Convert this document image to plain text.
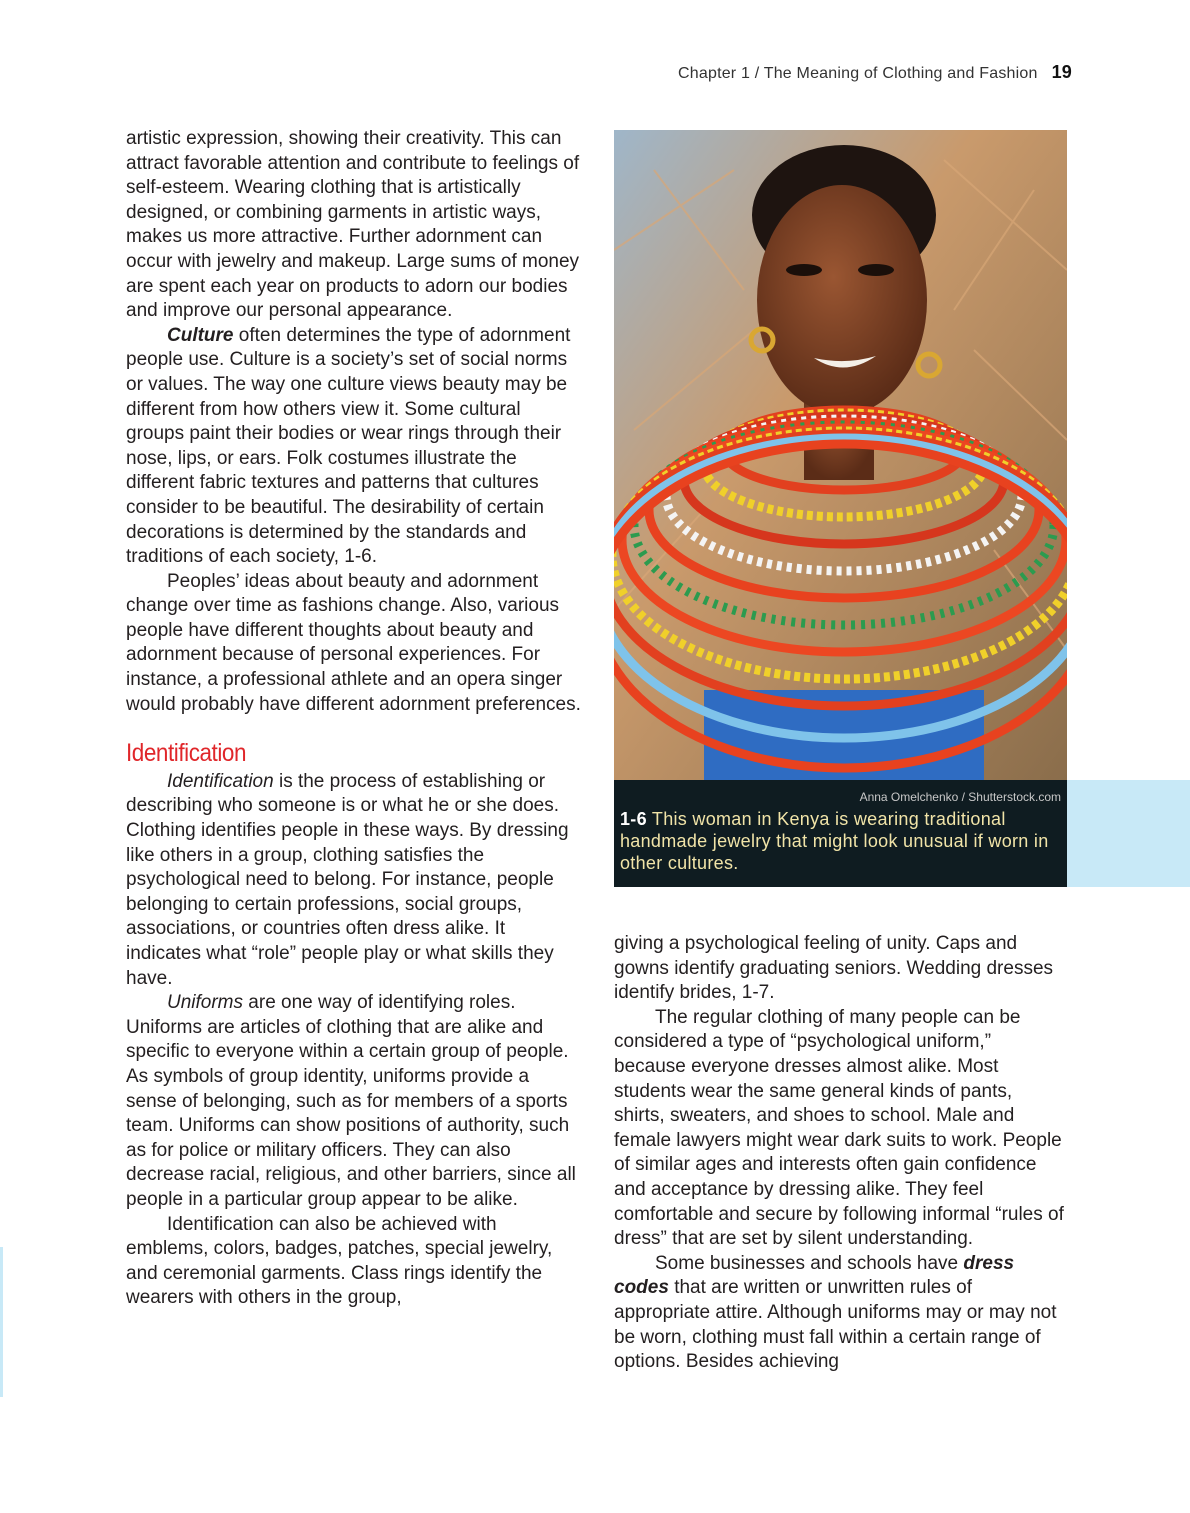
Chapter 1 / The Meaning of Clothing and Fashion 19

artistic expression, showing their creativity. This can attract favorable attention and contribute to feelings of self-esteem. Wearing clothing that is artistically designed, or combining garments in artistic ways, makes us more attractive. Further adornment can occur with jewelry and makeup. Large sums of money are spent each year on products to adorn our bodies and improve our personal appearance.

Culture often determines the type of adornment people use. Culture is a society’s set of social norms or values. The way one culture views beauty may be different from how others view it. Some cultural groups paint their bodies or wear rings through their nose, lips, or ears. Folk costumes illustrate the different fabric textures and patterns that cultures consider to be beautiful. The desirability of certain decorations is determined by the standards and traditions of each society, 1-6.

Peoples’ ideas about beauty and adornment change over time as fashions change. Also, various people have different thoughts about beauty and adornment because of personal experiences. For instance, a professional athlete and an opera singer would probably have different adornment preferences.

Identification

Identification is the process of establishing or describing who someone is or what he or she does. Clothing identifies people in these ways. By dressing like others in a group, clothing satisfies the psychological need to belong. For instance, people belonging to certain professions, social groups, associations, or countries often dress alike. It indicates what “role” people play or what skills they have.

Uniforms are one way of identifying roles. Uniforms are articles of clothing that are alike and specific to everyone within a certain group of people. As symbols of group identity, uniforms provide a sense of belonging, such as for members of a sports team. Uniforms can show positions of authority, such as for police or military officers. They can also decrease racial, religious, and other barriers, since all people in a particular group appear to be alike.

Identification can also be achieved with emblems, colors, badges, patches, special jewelry, and ceremonial garments. Class rings identify the wearers with others in the group,

Anna Omelchenko / Shutterstock.com
1-6 This woman in Kenya is wearing traditional handmade jewelry that might look unusual if worn in other cultures.

giving a psychological feeling of unity. Caps and gowns identify graduating seniors. Wedding dresses identify brides, 1-7.

The regular clothing of many people can be considered a type of “psychological uniform,” because everyone dresses almost alike. Most students wear the same general kinds of pants, shirts, sweaters, and shoes to school. Male and female lawyers might wear dark suits to work. People of similar ages and interests often gain confidence and acceptance by dressing alike. They feel comfortable and secure by following informal “rules of dress” that are set by silent understanding.

Some businesses and schools have dress codes that are written or unwritten rules of appropriate attire. Although uniforms may or may not be worn, clothing must fall within a certain range of options. Besides achieving
